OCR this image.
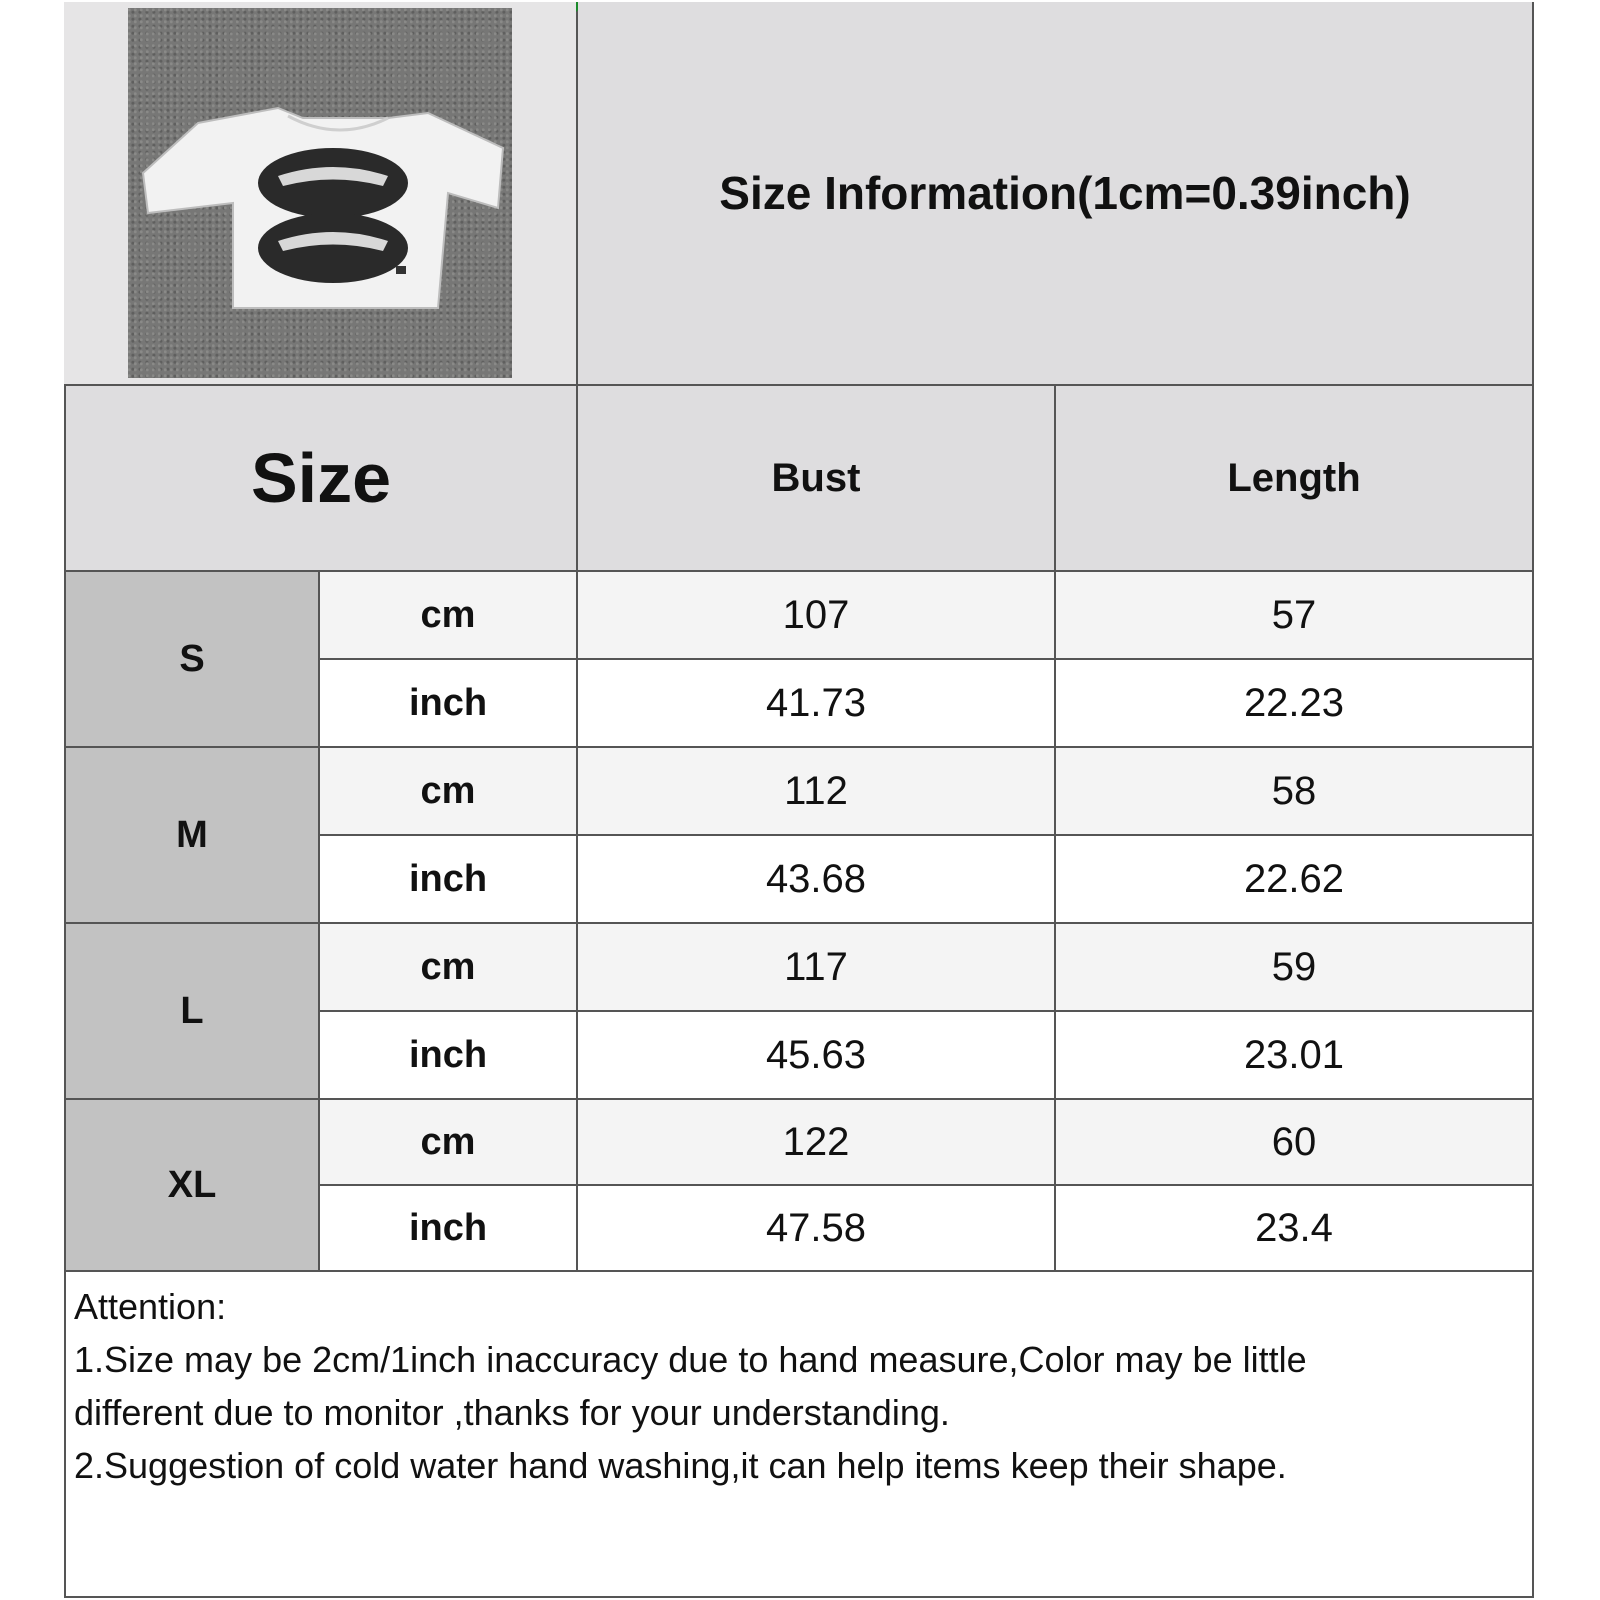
Size Information(1cm=0.39inch)
Size	Bust	Length
S
cm	107	57
inch	41.73	22.23
M
cm	112	58
inch	43.68	22.62
L
cm	117	59
inch	45.63	23.01
XL
cm	122	60
inch	47.58	23.4
Attention:
1.Size may be 2cm/1inch inaccuracy due to hand measure,Color may be little
different due to monitor ,thanks for your understanding.
2.Suggestion of cold water hand washing,it can help items keep their shape.
